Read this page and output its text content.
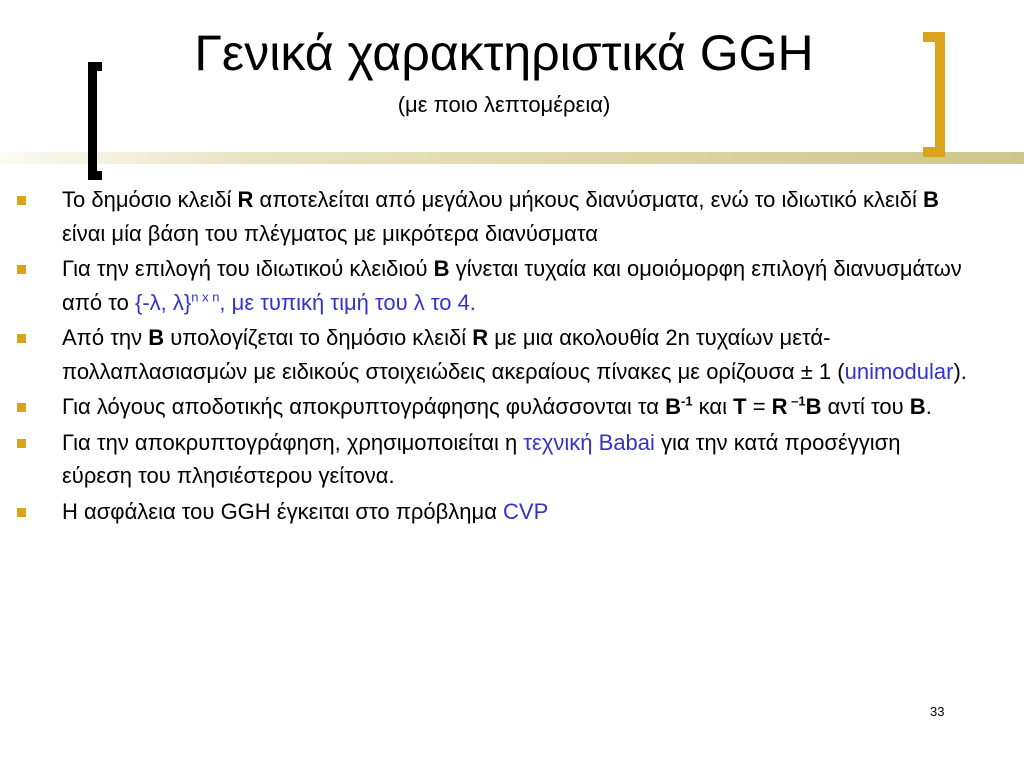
Γενικά χαρακτηριστικά GGH
(με ποιο λεπτομέρεια)
Το δημόσιο κλειδί R αποτελείται από μεγάλου μήκους διανύσματα, ενώ το ιδιωτικό κλειδί B είναι μία βάση του πλέγματος με μικρότερα διανύσματα
Για την επιλογή του ιδιωτικού κλειδιού B γίνεται τυχαία και ομοιόμορφη επιλογή διανυσμάτων από το {-λ, λ}$^{n x n}$, με τυπική τιμή του λ το 4.
Από την B υπολογίζεται το δημόσιο κλειδί R με μια ακολουθία 2n τυχαίων μετά-πολλαπλασιασμών με ειδικούς στοιχειώδεις ακεραίους πίνακες με ορίζουσα ± 1 (unimodular).
Για λόγους αποδοτικής αποκρυπτογράφησης φυλάσσονται τα $B^{-1}$ και T = R $^{-1}$B αντί του B.
Για την αποκρυπτογράφηση, χρησιμοποιείται η τεχνική Babai για την κατά προσέγγιση εύρεση του πλησιέστερου γείτονα.
Η ασφάλεια του GGH έγκειται στο πρόβλημα CVP
33
